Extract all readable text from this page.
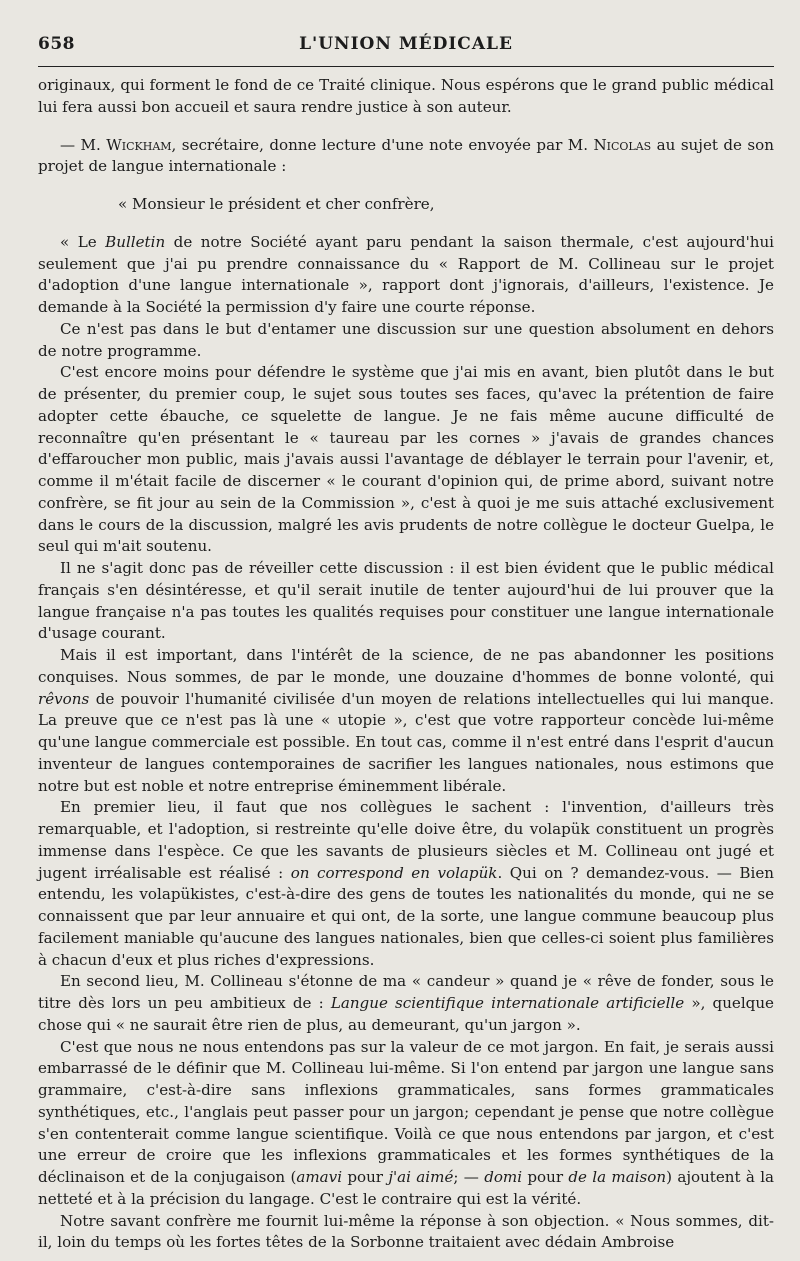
658	L'UNION MÉDICALE

originaux, qui forment le fond de ce Traité clinique. Nous espérons que le grand public médical lui fera aussi bon accueil et saura rendre justice à son auteur.

— M. Wickham, secrétaire, donne lecture d'une note envoyée par M. Nicolas au sujet de son projet de langue internationale :

« Monsieur le président et cher confrère,

« Le Bulletin de notre Société ayant paru pendant la saison thermale, c'est aujourd'hui seulement que j'ai pu prendre connaissance du « Rapport de M. Collineau sur le projet d'adoption d'une langue internationale », rapport dont j'ignorais, d'ailleurs, l'existence. Je demande à la Société la permission d'y faire une courte réponse.

Ce n'est pas dans le but d'entamer une discussion sur une question absolument en dehors de notre programme.

C'est encore moins pour défendre le système que j'ai mis en avant, bien plutôt dans le but de présenter, du premier coup, le sujet sous toutes ses faces, qu'avec la prétention de faire adopter cette ébauche, ce squelette de langue. Je ne fais même aucune difficulté de reconnaître qu'en présentant le « taureau par les cornes » j'avais de grandes chances d'effaroucher mon public, mais j'avais aussi l'avantage de déblayer le terrain pour l'avenir, et, comme il m'était facile de discerner « le courant d'opinion qui, de prime abord, suivant notre confrère, se fit jour au sein de la Commission », c'est à quoi je me suis attaché exclusivement dans le cours de la discussion, malgré les avis prudents de notre collègue le docteur Guelpa, le seul qui m'ait soutenu.

Il ne s'agit donc pas de réveiller cette discussion : il est bien évident que le public médical français s'en désintéresse, et qu'il serait inutile de tenter aujourd'hui de lui prouver que la langue française n'a pas toutes les qualités requises pour constituer une langue internationale d'usage courant.

Mais il est important, dans l'intérêt de la science, de ne pas abandonner les positions conquises. Nous sommes, de par le monde, une douzaine d'hommes de bonne volonté, qui rêvons de pouvoir l'humanité civilisée d'un moyen de relations intellectuelles qui lui manque. La preuve que ce n'est pas là une « utopie », c'est que votre rapporteur concède lui-même qu'une langue commerciale est possible. En tout cas, comme il n'est entré dans l'esprit d'aucun inventeur de langues contemporaines de sacrifier les langues nationales, nous estimons que notre but est noble et notre entreprise éminemment libérale.

En premier lieu, il faut que nos collègues le sachent : l'invention, d'ailleurs très remarquable, et l'adoption, si restreinte qu'elle doive être, du volapük constituent un progrès immense dans l'espèce. Ce que les savants de plusieurs siècles et M. Collineau ont jugé et jugent irréalisable est réalisé : on correspond en volapük. Qui on ? demandez-vous. — Bien entendu, les volapükistes, c'est-à-dire des gens de toutes les nationalités du monde, qui ne se connaissent que par leur annuaire et qui ont, de la sorte, une langue commune beaucoup plus facilement maniable qu'aucune des langues nationales, bien que celles-ci soient plus familières à chacun d'eux et plus riches d'expressions.

En second lieu, M. Collineau s'étonne de ma « candeur » quand je « rêve de fonder, sous le titre dès lors un peu ambitieux de : Langue scientifique internationale artificielle », quelque chose qui « ne saurait être rien de plus, au demeurant, qu'un jargon ».

C'est que nous ne nous entendons pas sur la valeur de ce mot jargon. En fait, je serais aussi embarrassé de le définir que M. Collineau lui-même. Si l'on entend par jargon une langue sans grammaire, c'est-à-dire sans inflexions grammaticales, sans formes grammaticales synthétiques, etc., l'anglais peut passer pour un jargon; cependant je pense que notre collègue s'en contenterait comme langue scientifique. Voilà ce que nous entendons par jargon, et c'est une erreur de croire que les inflexions grammaticales et les formes synthétiques de la déclinaison et de la conjugaison (amavi pour j'ai aimé; — domi pour de la maison) ajoutent à la netteté et à la précision du langage. C'est le contraire qui est la vérité.

Notre savant confrère me fournit lui-même la réponse à son objection. « Nous sommes, dit-il, loin du temps où les fortes têtes de la Sorbonne traitaient avec dédain Ambroise
